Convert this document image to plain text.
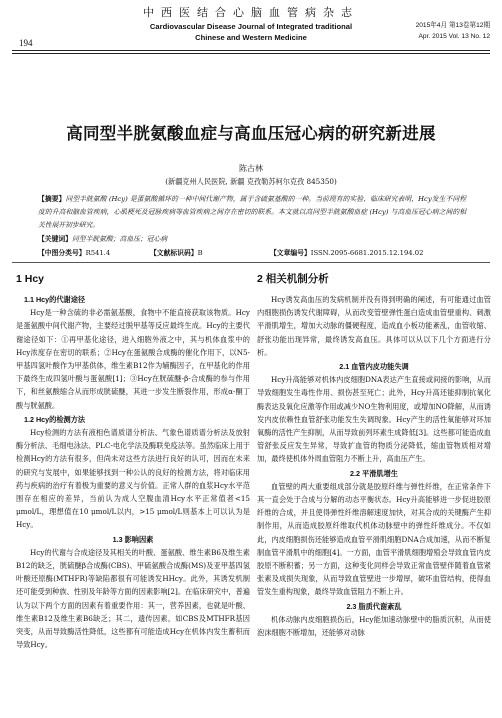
194
中西医结合心脑血管病杂志
Cardiovascular Disease Journal of Integrated traditional
Chinese and Western Medicine
2015年4月 第13卷第12期
Apr. 2015 Vol. 13 No. 12
高同型半胱氨酸血症与高血压冠心病的研究新进展
陈古林
(新疆克州人民医院, 新疆 克孜勒苏柯尔克孜 845350)
【摘要】同型半胱氨酸 (Hcy) 是蛋氨酸循环的一种中间代谢产物，属于含硫氨基酸的一种。当前现有的实验、临床研究表明，Hcy发生不同程度的升高和脑血管疾病，心肌梗死及冠脉疾病等血管疾病之间存在密切的联系。本文就以高同型半胱氨酸血症 (Hcy) 与高血压冠心病之间的相关性展开初步研究。
【关键词】同型半胱氨酸；高血压；冠心病
【中图分类号】R541.4	【文献标识码】B	【文章编号】ISSN.2095-6681.2015.12.194.02
1 Hcy
1.1 Hcy的代谢途径

Hcy是一种含硫的非必需氨基酸，食物中不能直接获取该物质。Hcy是蛋氨酸中间代谢产物，主要经过脱甲基等反应最终生成。Hcy的主要代谢途径如下：①再甲基化途径，进入细胞外液之中，其与机体血浆中的Hcy浓度存在密切的联系；②Hcy在蛋氨酸合成酶的催化作用下，以N5-甲基四氢叶酸作为甲基供体，维生素B12作为辅酶因子，在甲基化的作用下最终生成四氢叶酸与蛋氨酸[1]；③Hcy在胱硫醚-β-合成酶的参与作用下，和丝氨酸缩合从而形成胱硫醚，其进一步发生断裂作用，形成α-酮丁酸与胱氨酸。

1.2 Hcy的检测方法

Hcy检测的方法有液相色谱质谱分析法、气象色谱质谱分析法及放射酶分析法、毛细电泳法、PLC-电化学法及酶联免疫法等。虽然临床上用于检测Hcy的方法有很多，但尚未对这些方法进行良好的认可，因而在未来的研究与发展中，如果能够找到一种公认的良好的检测方法，将对临床用药与疾病的治疗有着极为重要的意义与价值。正常人群的血浆Hcy水平范围存在相应的差异，当前认为成人空腹血清Hcy水平正常值者<15 μmol/L，理想值在10 μmol/L以内，>15 μmol/L则基本上可以认为是Hcy。

1.3 影响因素

Hcy的代谢与合成途径及其相关的叶酸、蛋氨酸、维生素B6及维生素B12的缺乏，胱硫醚β合成酶(CBS)、甲硫氨酸合成酶(MS)及亚甲基四氢叶酸还原酶(MTHFR)等缺陷都很有可能诱发HHcy。此外，其诱发机制还可能受到种族、性别及年龄等方面的因素影响[2]。在临床研究中，普遍认为以下两个方面的因素有着重要作用：其一，营养因素，也就是叶酸、维生素B12及维生素B6缺乏；其二，遗传因素，如CBS及MTHFR基因突变，从而导致酶活性降低，这些都有可能造成Hcy在机体内发生蓄积而导致Hcy。

2 相关机制分析

Hcy诱发高血压的发病机制并没有得到明确的阐述，有可能通过血管内细胞损伤诱发代谢障碍，从而改变管壁弹性蛋白造成血管壁重构、刺激平滑肌增生，增加大动脉的僵硬程度，造成血小板功能紊乱，血管收缩、舒张功能出现异常，最终诱发高血压。具体可以从以下几个方面进行分析。

2.1 血管内皮功能失调

Hcy升高能够对机体内皮细胞DNA表达产生直接或间接的影响，从而导致细胞发生毒性作用、损伤甚至死亡；此外，Hcy升高还能抑制抗氧化酶表达及氧化应激等作用或减少NO生物利用度，或增加NO降解，从而诱发内皮依赖性血管舒张功能发生失调现象。Hcy产生的活性氧能够对环加氧酶的活性产生抑制，从而导致前列环素生成降低[3]。这些都可能造成血管舒张反应发生异常，导致扩血管的物质分泌降低，缩血管物质相对增加，最终使机体外周血管阻力不断上升，高血压产生。

2.2 平滑肌增生

血管壁的两大重要组成部分就是胶原纤维与弹性纤维，在正常条件下其一直会处于合成与分解的动态平衡状态。Hcy升高能够进一步促进胶原纤维的合成，并且使得弹性纤维溶解速度加快，对其合成的关键酶产生抑制作用，从而造成胶原纤维取代机体动脉壁中的弹性纤维成分。不仅如此，内皮细胞损伤还能够造成血管平滑肌细胞DNA合成加速，从而不断复制血管平滑肌中的细胞[4]。一方面，血管平滑肌细胞增殖会导致血管内皮胶原不断积蓄；另一方面，这种变化同样会导致正常血管壁伴随着血管紧张素及成损失现象，从而导致血管壁进一步增厚，破坏血管结构，使得血管发生重构现象，最终导致血管阻力不断上升。

2.3 脂质代谢紊乱

机体动脉内皮细胞损伤后，Hcy能加速动脉壁中的脂质沉积，从而使泡沫细胞不断增加，还能够对动脉
